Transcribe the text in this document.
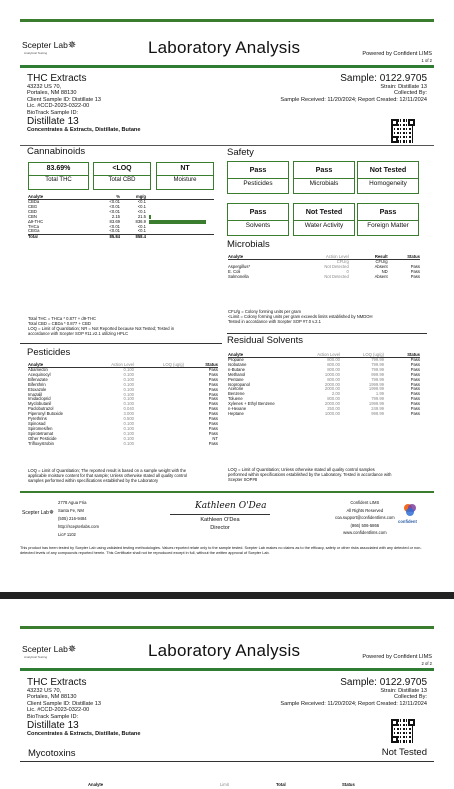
Scepter Lab✵
Analytical Testing	Laboratory Analysis	Powered by Confident LIMS
1 of 2
THC Extracts
43232 US 70,
Portales, NM 88130
Client Sample ID: Distillate 13
Lic. #CCD-2023-0322-00
BioTrack Sample ID:
Distillate 13
Concentrates & Extracts, Distillate, Butane
Sample: 0122.9705
Strain: Distillate 13
Collected By:
Sample Received: 11/20/2024; Report Created: 12/11/2024
Cannabinoids
83.69%
Total THC
<LOQ
Total CBD
NT
Moisture
Analyte	%	mg/g	
CBDa	<0.01	<0.1	
CBG	<0.01	<0.1	
CBD	<0.01	<0.1	
CBN	2.15	21.5	

Δ9-THC	83.69	836.9	

THCa	<0.01	<0.1	
CBGa	<0.01	<0.1	
Total	85.84	858.4	
Total THC = THCa * 0.877 + d9-THC
Total CBD = CBDa * 0.877 + CBD
LOQ = Limit of Quantitation; NR = Not Reported because Not Tested; Tested in
accordance with Scepter SOP #11.v2.1 utilizing HPLC
Safety
Pass
Pesticides
Pass
Microbials
Not Tested
Homogeneity
Pass
Solvents
Not Tested
Water Activity
Pass
Foreign Matter
Microbials
Analyte	Action Level	Result	Status
	CFU/g	CFU/g	
Aspergillus*	Not Detected	Absent	Pass
E. Coli	0	ND	Pass
Salmonella	Not Detected	Absent	Pass
CFU/g = Colony forming units per gram
<Limit = Colony forming units per gram exceeds limits established by NMDOH
Tested in accordance with Scepter SOP #7.0 v.2.1
Pesticides
Analyte	Action Level	LOQ (ug/g)	Status
Abamectin	0.100		Pass
Acequinocyl	0.100		Pass
Bifenazate	0.100		Pass
Bifenthrin	0.100		Pass
Etoxazole	0.100		Pass
Imazalil	0.100		Pass
Imidacloprid	0.100		Pass
Myclobutanil	0.100		Pass
Paclobutrazol	0.040		Pass
Piperonyl Butoxide	3.000		Pass
Pyrethrins	0.500		Pass
Spinosad	0.100		Pass
Spiromesifen	0.100		Pass
Spirotetramat	0.100		Pass
Other Pesticide	0.100		NT
Trifloxystrobin	0.100		Pass
LOQ = Limit of Quantitation; The reported result is based on a sample weight with the
applicable moisture content for that sample; Unless otherwise stated all quality control
samples performed within specifications established by the Laboratory
Residual Solvents
Analyte	Action Level	LOQ (ug/g)	Status
Propane	800.00	799.99	Pass
Isobutane	800.00	799.99	Pass
n-Butane	800.00	799.99	Pass
Methanol	1000.00	999.99	Pass
Pentane	800.00	799.99	Pass
Isopropanol	2000.00	1999.99	Pass
Acetone	2000.00	1999.99	Pass
Benzene	2.00	1.99	Pass
Toluene	800.00	799.99	Pass
Xylenes + Ethyl Benzene	2000.00	1999.99	Pass
n-Hexane	250.00	249.99	Pass
Heptane	1000.00	999.99	Pass
LOQ = Limit of Quantitation; Unless otherwise stated all quality control samples
performed within specifications established by the Laboratory. Tested in accordance with
Scepter SOP#8
Scepter Lab✵
2778 Agua Fria
Santa Fe, NM
(505) 216-9484
http://scepterlabs.com
Lic# 1102
Kathleen O'Dea
Kathleen O'Dea
Director
Confident LIMS
All Rights Reserved
coa.support@confidentlims.com
(866) 506-5866
www.confidentlims.com
confident
This product has been tested by Scepter Lab using validated testing methodologies. Values reported relate only to the sample tested. Scepter Lab makes no claims as to the efficacy, safety or other risks associated with any detected or non-detected levels of any compounds reported herein. This Certificate shall not be reproduced except in full, without the written approval of Scepter Lab.
Scepter Lab✵
Analytical Testing	Laboratory Analysis	Powered by Confident LIMS
2 of 2
THC Extracts
43232 US 70,
Portales, NM 88130
Client Sample ID: Distillate 13
Lic. #CCD-2023-0322-00
BioTrack Sample ID:
Distillate 13
Concentrates & Extracts, Distillate, Butane
Sample: 0122.9705
Strain: Distillate 13
Collected By:
Sample Received: 11/20/2024; Report Created: 12/11/2024
Mycotoxins	Not Tested
Analyte	Limit	Total	Status
